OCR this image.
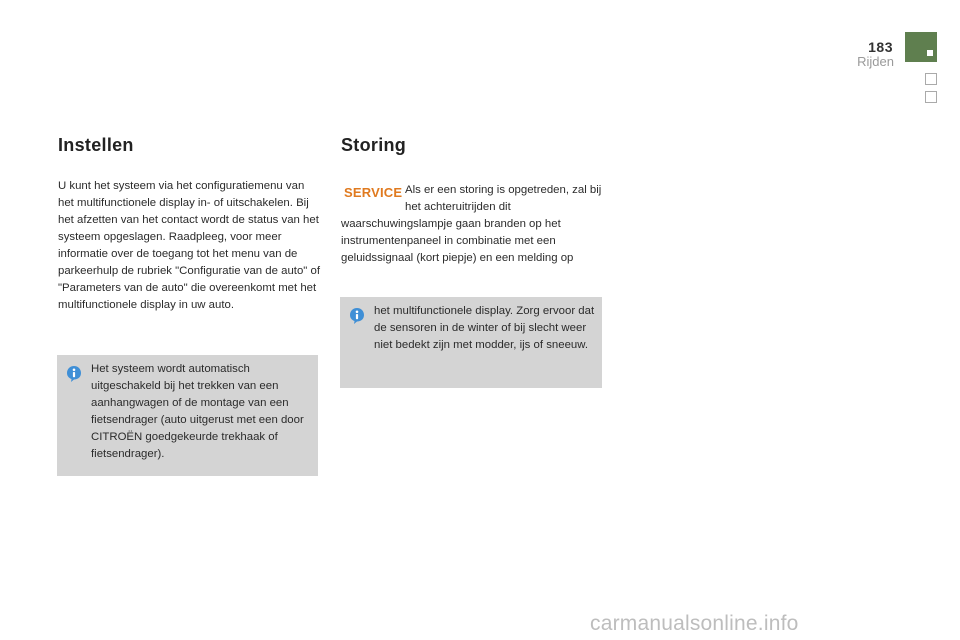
183
Rijden
Instellen

U kunt het systeem via het configuratiemenu van het multifunctionele display in- of uitschakelen. Bij het afzetten van het contact wordt de status van het systeem opgeslagen. Raadpleeg, voor meer informatie over de toegang tot het menu van de parkeerhulp de rubriek "Configuratie van de auto" of "Parameters van de auto" die overeenkomt met het multifunctionele display in uw auto.

Het systeem wordt automatisch uitgeschakeld bij het trekken van een aanhangwagen of de montage van een fietsendrager (auto uitgerust met een door CITROËN goedgekeurde trekhaak of fietsendrager).

Storing
SERVICE Als er een storing is opgetreden, zal bij het achteruitrijden dit

waarschuwingslampje gaan branden op het instrumentenpaneel in combinatie met een geluidssignaal (kort piepje) en een melding op

het multifunctionele display. Zorg ervoor dat de sensoren in de winter of bij slecht weer niet bedekt zijn met modder, ijs of sneeuw.

carmanualsonline.info
